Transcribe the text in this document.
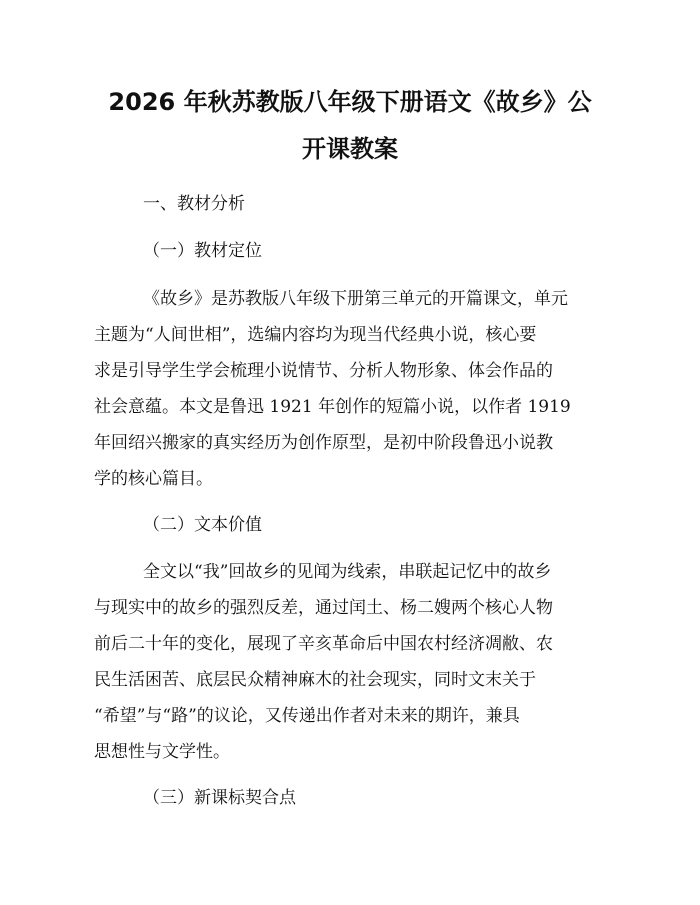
2026 年秋苏教版八年级下册语文《故乡》公
开课教案

一、教材分析

（一）教材定位

《故乡》是苏教版八年级下册第三单元的开篇课文，单元

主题为“人间世相”，选编内容均为现当代经典小说，核心要

求是引导学生学会梳理小说情节、分析人物形象、体会作品的

社会意蕴。本文是鲁迅 1921 年创作的短篇小说，以作者 1919

年回绍兴搬家的真实经历为创作原型，是初中阶段鲁迅小说教

学的核心篇目。

（二）文本价值

全文以“我”回故乡的见闻为线索，串联起记忆中的故乡

与现实中的故乡的强烈反差，通过闰土、杨二嫂两个核心人物

前后二十年的变化，展现了辛亥革命后中国农村经济凋敝、农

民生活困苦、底层民众精神麻木的社会现实，同时文末关于

“希望”与“路”的议论，又传递出作者对未来的期许，兼具

思想性与文学性。

（三）新课标契合点
